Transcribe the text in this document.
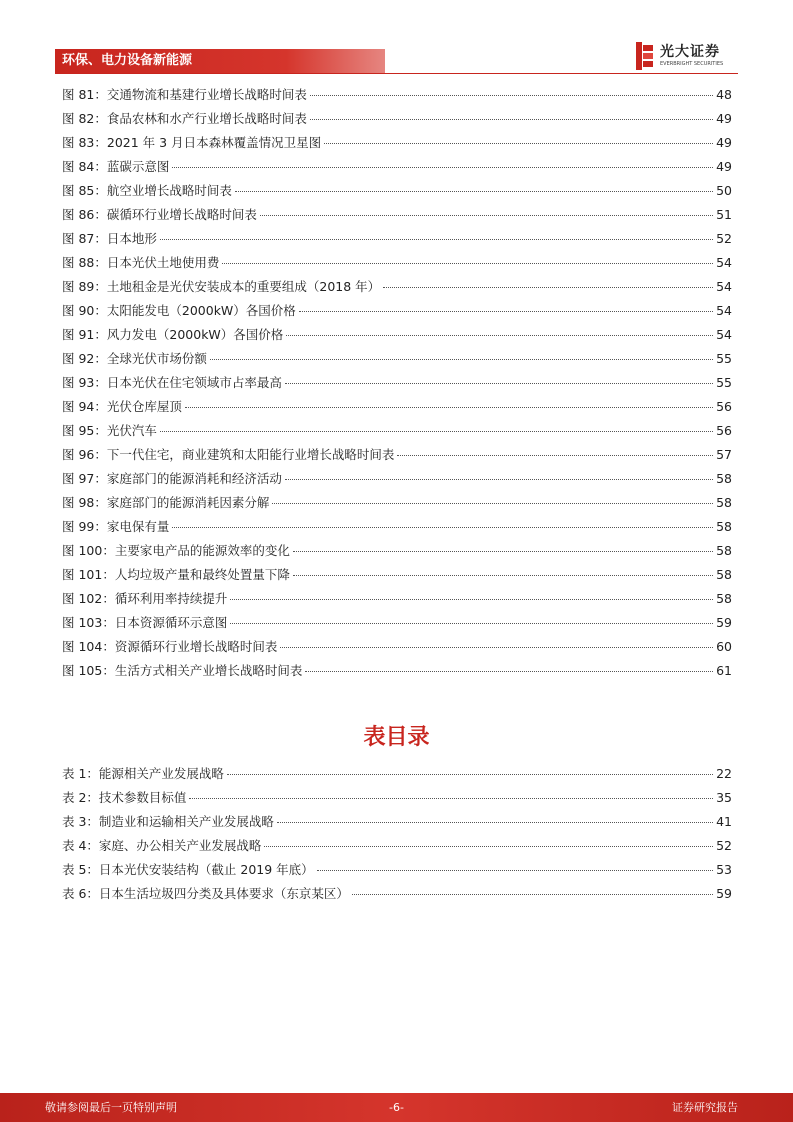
环保、电力设备新能源
光大证券
EVERBRIGHT SECURITIES
图 81：交通物流和基建行业增长战略时间表	48
图 82：食品农林和水产行业增长战略时间表	49
图 83：2021 年 3 月日本森林覆盖情况卫星图	49
图 84：蓝碳示意图	49
图 85：航空业增长战略时间表	50
图 86：碳循环行业增长战略时间表	51
图 87：日本地形	52
图 88：日本光伏土地使用费	54
图 89：土地租金是光伏安装成本的重要组成（2018 年）	54
图 90：太阳能发电（2000kW）各国价格	54
图 91：风力发电（2000kW）各国价格	54
图 92：全球光伏市场份额	55
图 93：日本光伏在住宅领域市占率最高	55
图 94：光伏仓库屋顶	56
图 95：光伏汽车	56
图 96：下一代住宅，商业建筑和太阳能行业增长战略时间表	57
图 97：家庭部门的能源消耗和经济活动	58
图 98：家庭部门的能源消耗因素分解	58
图 99：家电保有量	58
图 100：主要家电产品的能源效率的变化	58
图 101：人均垃圾产量和最终处置量下降	58
图 102：循环利用率持续提升	58
图 103：日本资源循环示意图	59
图 104：资源循环行业增长战略时间表	60
图 105：生活方式相关产业增长战略时间表	61
表目录
表 1：能源相关产业发展战略	22
表 2：技术参数目标值	35
表 3：制造业和运输相关产业发展战略	41
表 4：家庭、办公相关产业发展战略	52
表 5：日本光伏安装结构（截止 2019 年底）	53
表 6：日本生活垃圾四分类及具体要求（东京某区）	59
敬请参阅最后一页特别声明	-6-	证券研究报告
